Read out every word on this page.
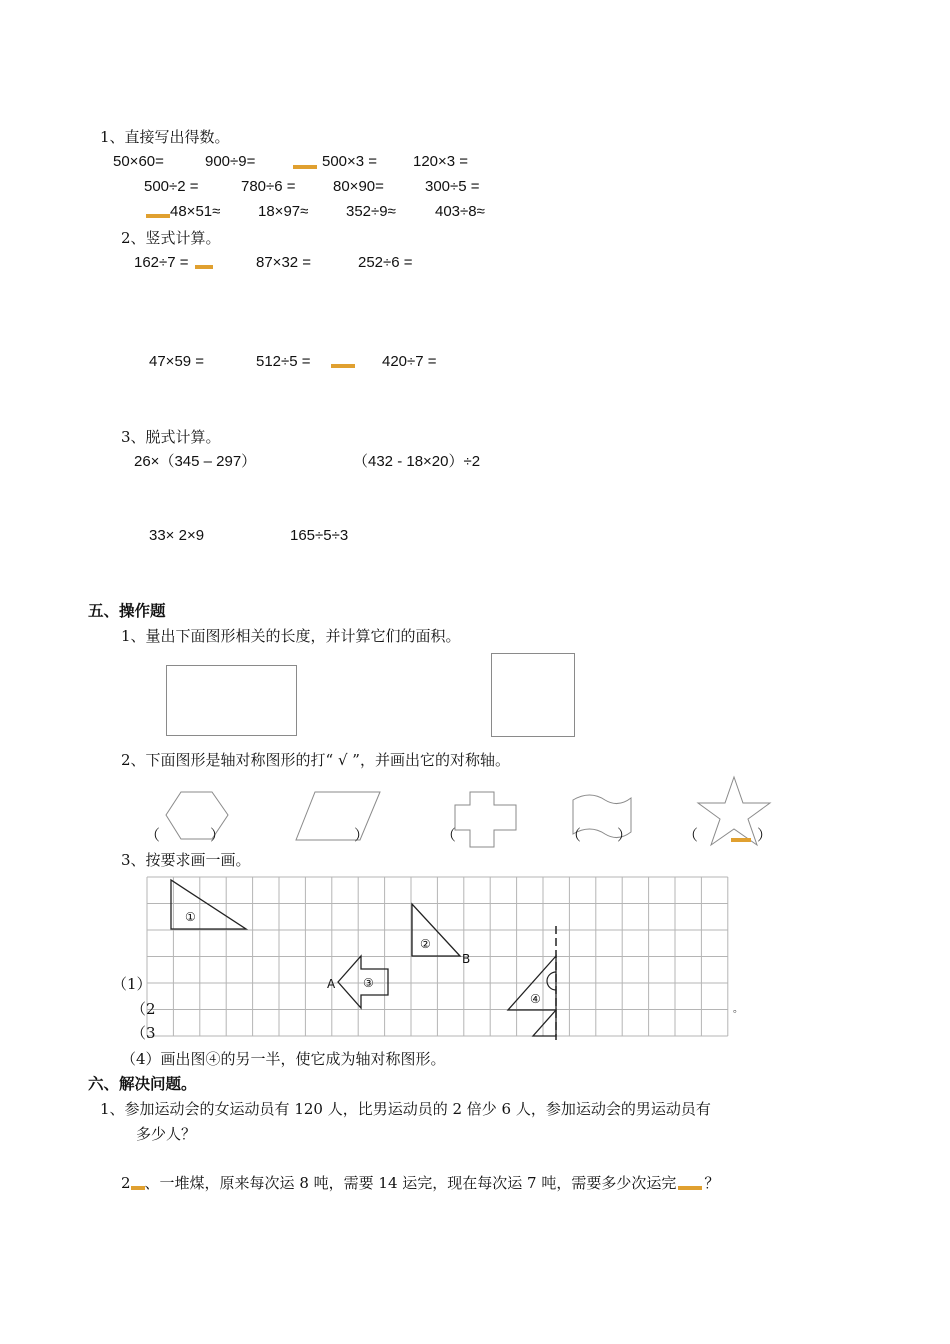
1、直接写出得数。
50×60=	900÷9=	500×3 = 120×3 =
500÷2 =	780÷6 = 80×90=	300÷5 =
48×51≈	18×97≈	352÷9≈	403÷8≈
2、竖式计算。
162÷7 =	87×32 =	252÷6 =
47×59 =	512÷5 =	420÷7 =
3、脱式计算。
26×（345 – 297）	（432 - 18×20）÷2
33× 2×9	165÷5÷3
五、操作题
1、量出下面图形相关的长度，并计算它们的面积。
2、下面图形是轴对称图形的打“ √ ”，并画出它的对称轴。
（	）	）	（	（ ）	（	）
3、按要求画一画。
①
②
③
④
A
B
（1）
（2
（3
。
（4）画出图④的另一半，使它成为轴对称图形。
六、解决问题。
1、参加运动会的女运动员有 120 人，比男运动员的 2 倍少 6 人，参加运动会的男运动员有
多少人？
2 、一堆煤，原来每次运 8 吨，需要 14 运完，现在每次运 7 吨，需要多少次运完 ？
